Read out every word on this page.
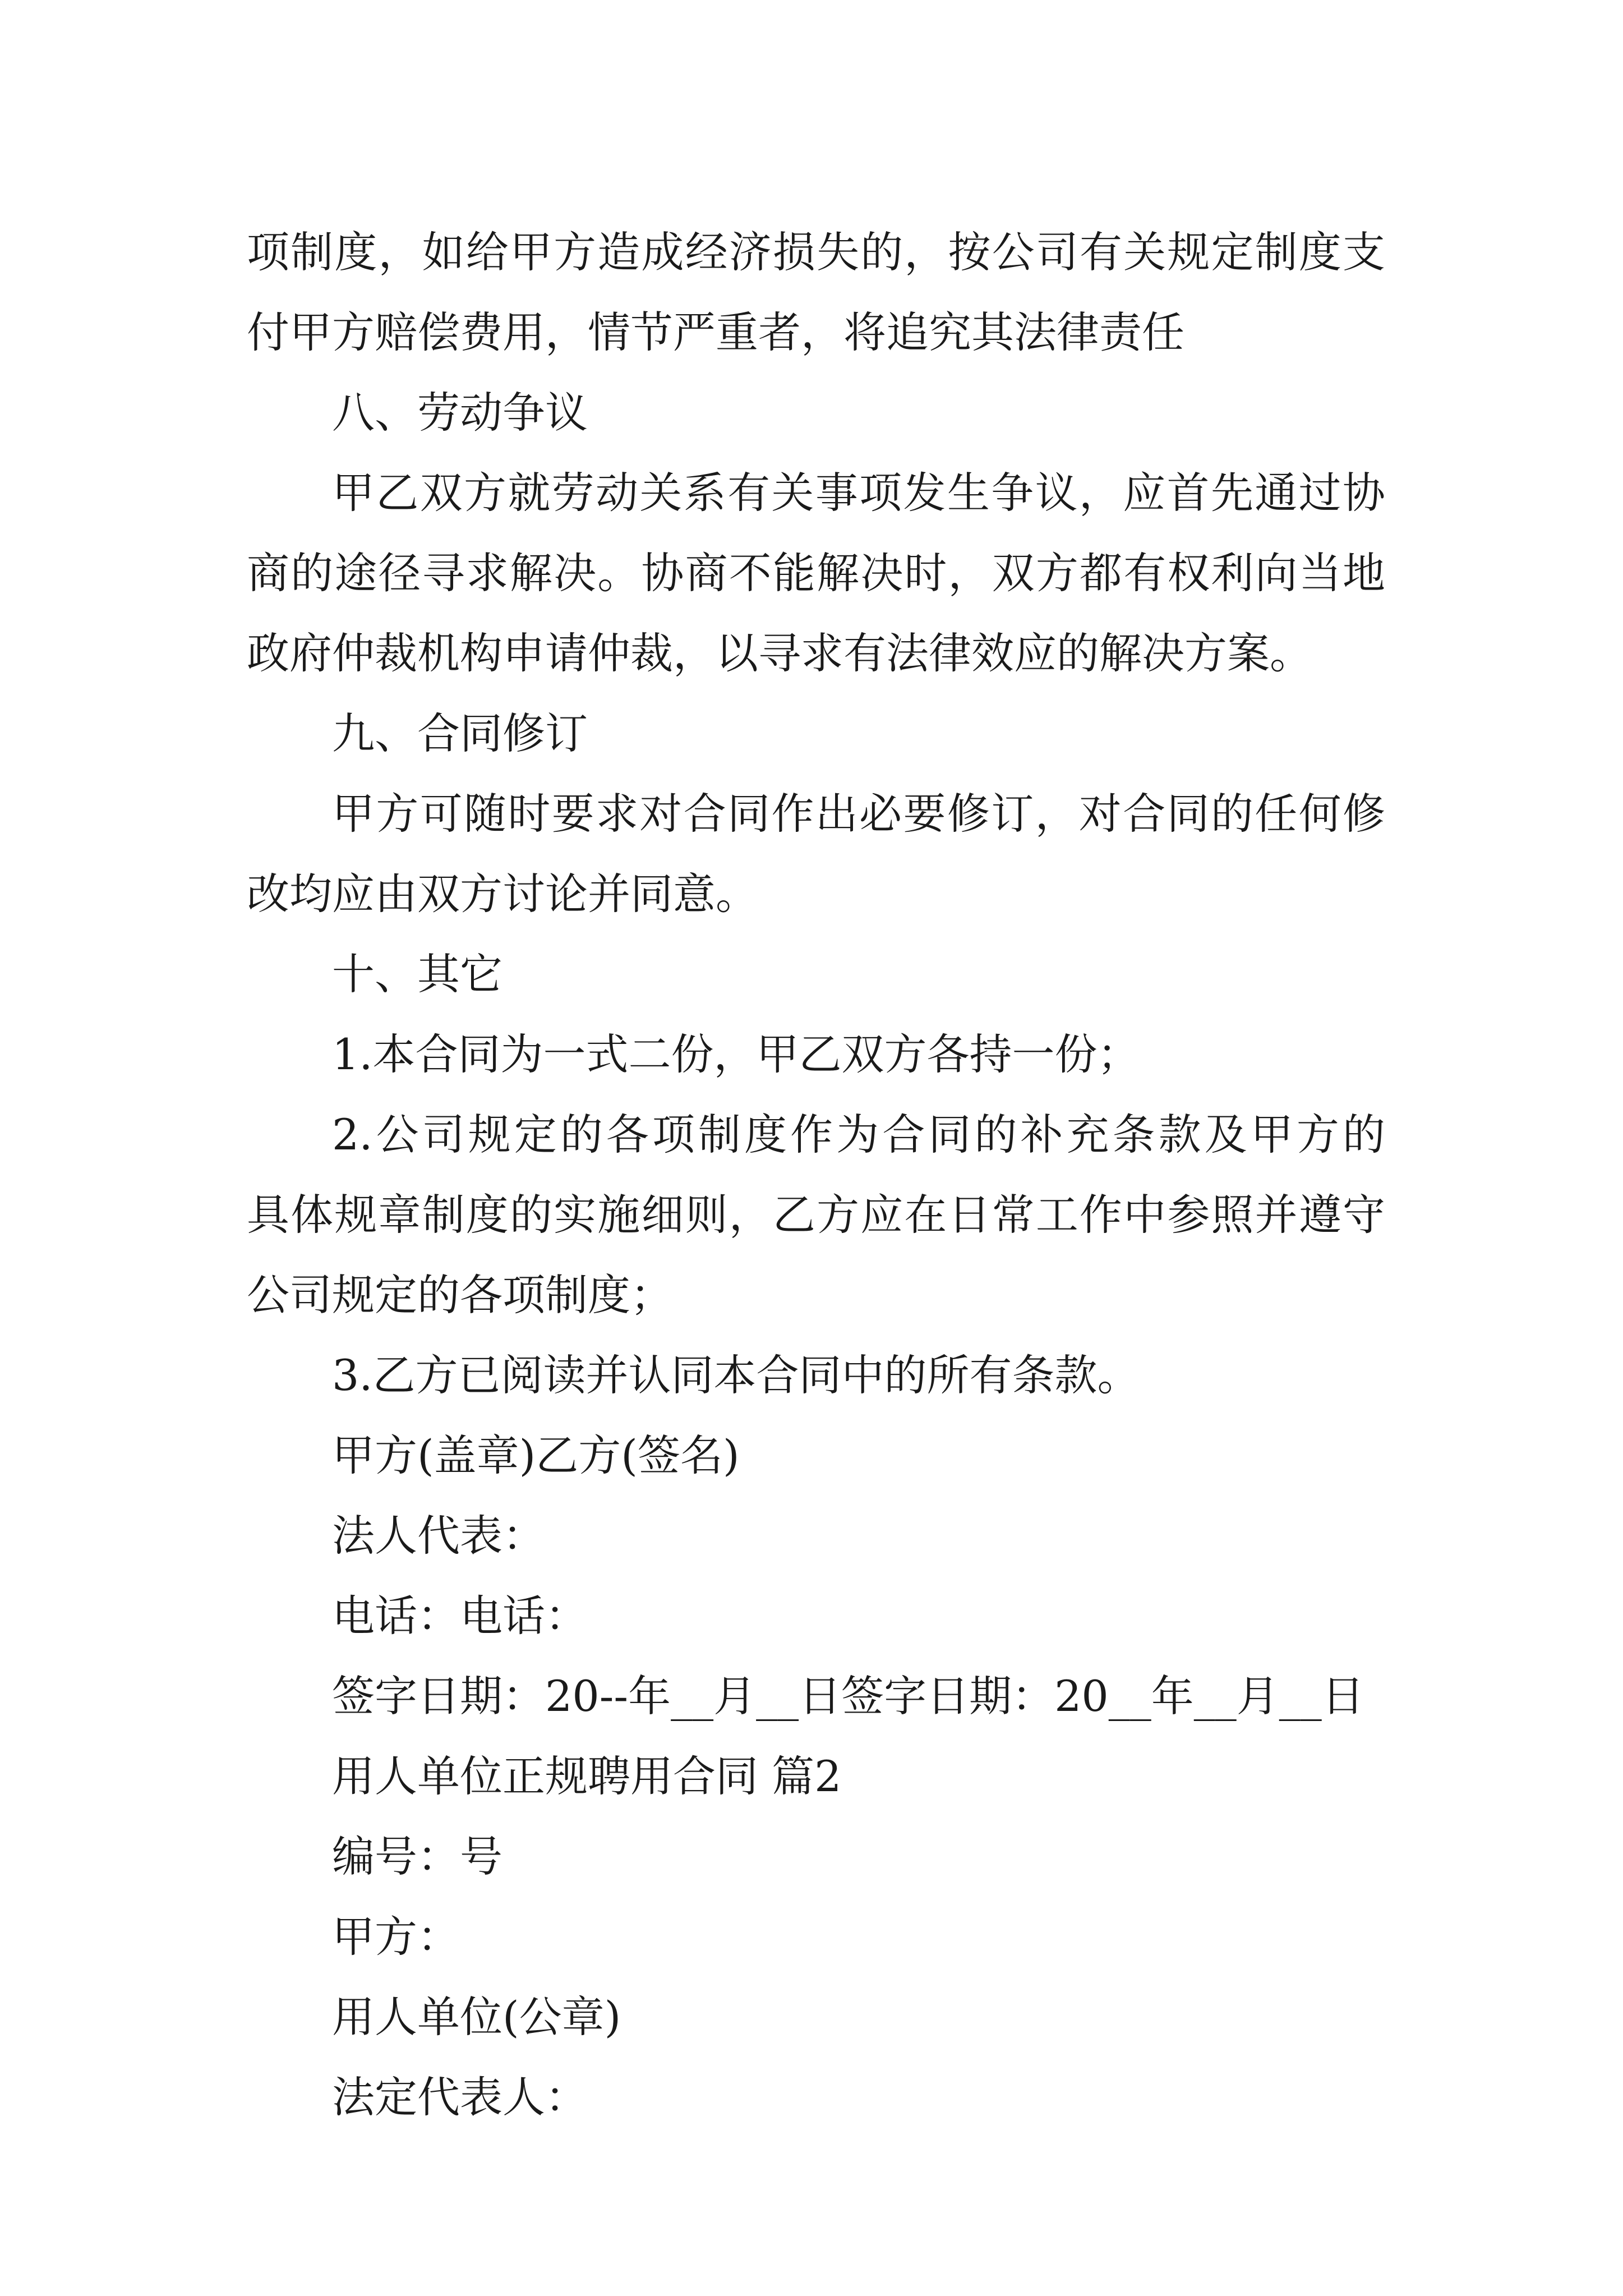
项制度，如给甲方造成经济损失的，按公司有关规定制度支
付甲方赔偿费用，情节严重者，将追究其法律责任
八、劳动争议
甲乙双方就劳动关系有关事项发生争议，应首先通过协
商的途径寻求解决。协商不能解决时，双方都有权利向当地
政府仲裁机构申请仲裁，以寻求有法律效应的解决方案。
九、合同修订
甲方可随时要求对合同作出必要修订，对合同的任何修
改均应由双方讨论并同意。
十、其它
1.本合同为一式二份，甲乙双方各持一份；
2.公司规定的各项制度作为合同的补充条款及甲方的
具体规章制度的实施细则，乙方应在日常工作中参照并遵守
公司规定的各项制度；
3.乙方已阅读并认同本合同中的所有条款。
甲方(盖章)乙方(签名)
法人代表：
电话：电话：
签字日期：20--年__月__日签字日期：20__年__月__日
用人单位正规聘用合同 篇2
编号：号
甲方：
用人单位(公章)
法定代表人：
